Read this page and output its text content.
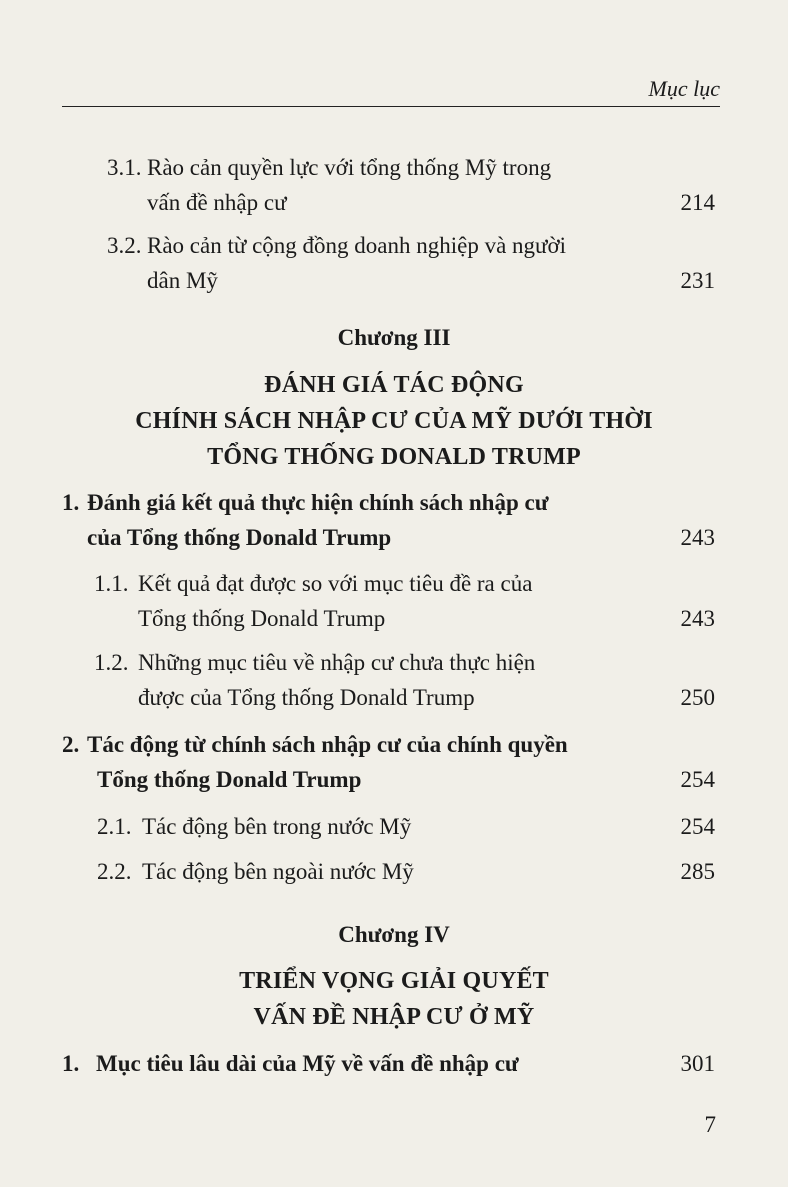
Mục lục
3.1. Rào cản quyền lực với tổng thống Mỹ trong
vấn đề nhập cư	214
3.2. Rào cản từ cộng đồng doanh nghiệp và người
dân Mỹ	231
Chương III
ĐÁNH GIÁ TÁC ĐỘNG
CHÍNH SÁCH NHẬP CƯ CỦA MỸ DƯỚI THỜI
TỔNG THỐNG DONALD TRUMP
1. Đánh giá kết quả thực hiện chính sách nhập cư
của Tổng thống Donald Trump	243
1.1. Kết quả đạt được so với mục tiêu đề ra của
Tổng thống Donald Trump	243
1.2. Những mục tiêu về nhập cư chưa thực hiện
được của Tổng thống Donald Trump	250
2. Tác động từ chính sách nhập cư của chính quyền
Tổng thống Donald Trump	254
2.1. Tác động bên trong nước Mỹ	254
2.2. Tác động bên ngoài nước Mỹ	285
Chương IV
TRIỂN VỌNG GIẢI QUYẾT
VẤN ĐỀ NHẬP CƯ Ở MỸ
1. Mục tiêu lâu dài của Mỹ về vấn đề nhập cư	301
7
